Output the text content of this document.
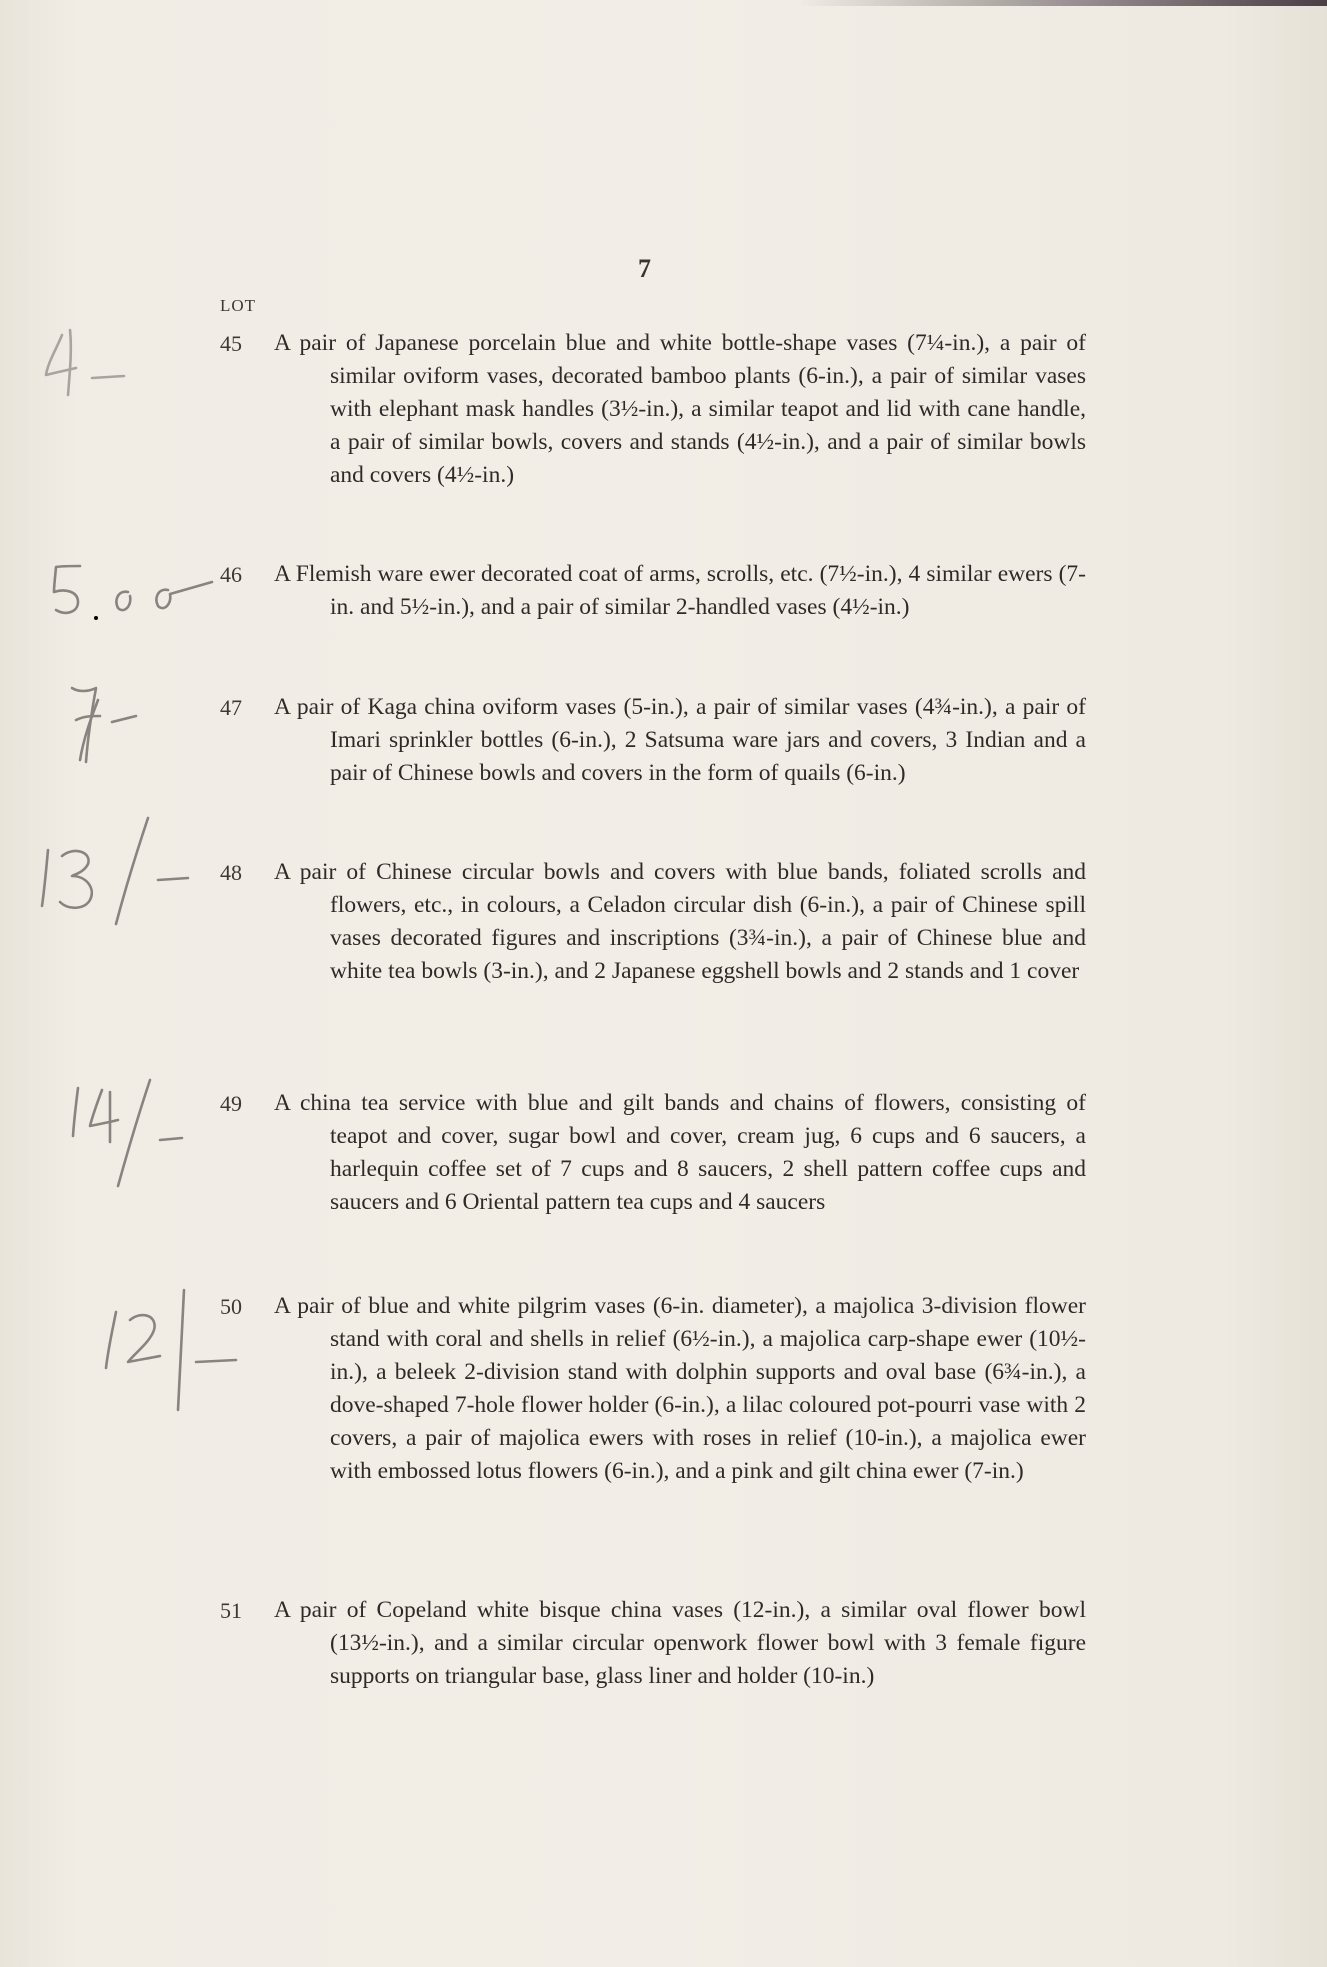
7
LOT
45	A pair of Japanese porcelain blue and white bottle-shape vases (7¼-in.), a pair of similar oviform vases, decorated bamboo plants (6-in.), a pair of similar vases with elephant mask handles (3½-in.), a similar teapot and lid with cane handle, a pair of similar bowls, covers and stands (4½-in.), and a pair of similar bowls and covers (4½-in.)
46	A Flemish ware ewer decorated coat of arms, scrolls, etc. (7½-in.), 4 similar ewers (7-in. and 5½-in.), and a pair of similar 2-handled vases (4½-in.)
47	A pair of Kaga china oviform vases (5-in.), a pair of similar vases (4¾-in.), a pair of Imari sprinkler bottles (6-in.), 2 Satsuma ware jars and covers, 3 Indian and a pair of Chinese bowls and covers in the form of quails (6-in.)
48	A pair of Chinese circular bowls and covers with blue bands, foliated scrolls and flowers, etc., in colours, a Celadon circular dish (6-in.), a pair of Chinese spill vases decorated figures and inscriptions (3¾-in.), a pair of Chinese blue and white tea bowls (3-in.), and 2 Japanese eggshell bowls and 2 stands and 1 cover
49	A china tea service with blue and gilt bands and chains of flowers, consisting of teapot and cover, sugar bowl and cover, cream jug, 6 cups and 6 saucers, a harlequin coffee set of 7 cups and 8 saucers, 2 shell pattern coffee cups and saucers and 6 Oriental pattern tea cups and 4 saucers
50	A pair of blue and white pilgrim vases (6-in. diameter), a majolica 3-division flower stand with coral and shells in relief (6½-in.), a majolica carp-shape ewer (10½-in.), a beleek 2-division stand with dolphin supports and oval base (6¾-in.), a dove-shaped 7-hole flower holder (6-in.), a lilac coloured pot-pourri vase with 2 covers, a pair of majolica ewers with roses in relief (10-in.), a majolica ewer with embossed lotus flowers (6-in.), and a pink and gilt china ewer (7-in.)
51	A pair of Copeland white bisque china vases (12-in.), a similar oval flower bowl (13½-in.), and a similar circular openwork flower bowl with 3 female figure supports on triangular base, glass liner and holder (10-in.)
